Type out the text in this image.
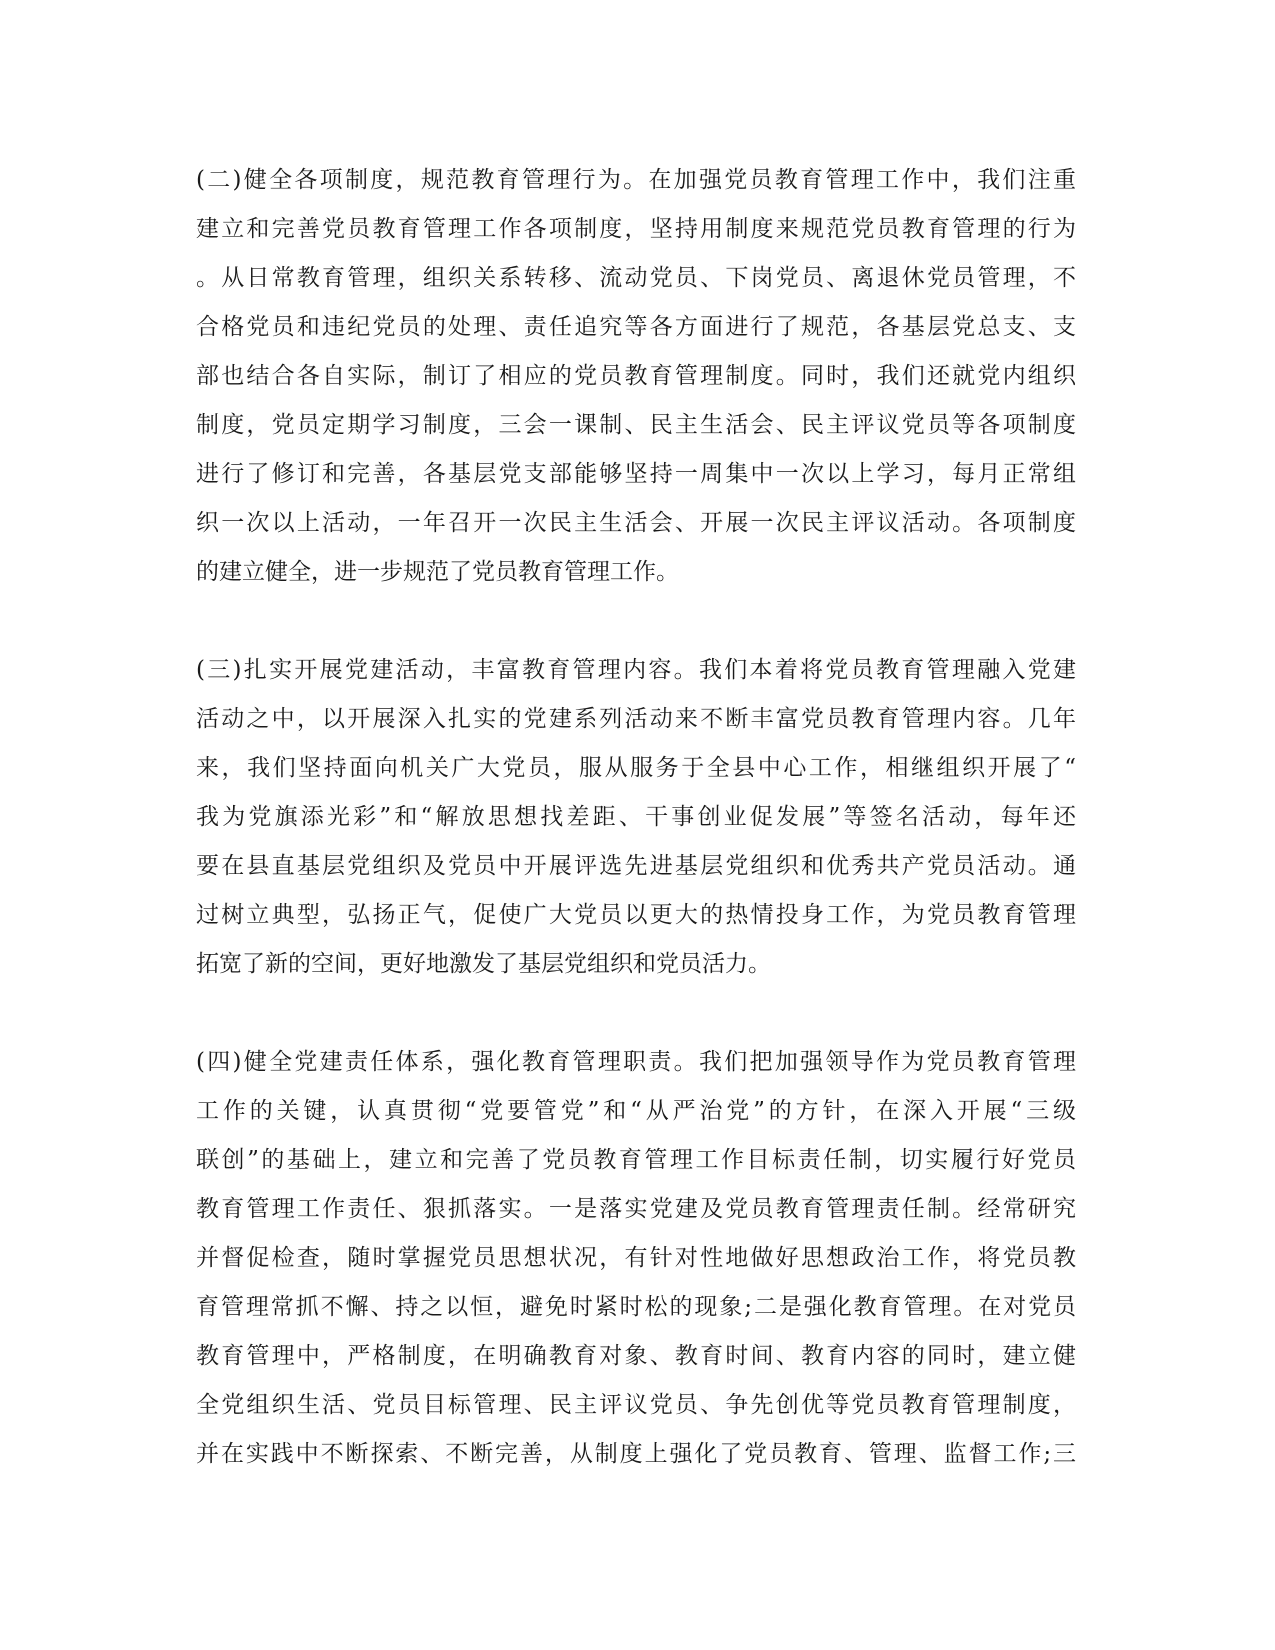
(二)健全各项制度，规范教育管理行为。在加强党员教育管理工作中，我们注重
建立和完善党员教育管理工作各项制度，坚持用制度来规范党员教育管理的行为
。从日常教育管理，组织关系转移、流动党员、下岗党员、离退休党员管理，不
合格党员和违纪党员的处理、责任追究等各方面进行了规范，各基层党总支、支
部也结合各自实际，制订了相应的党员教育管理制度。同时，我们还就党内组织
制度，党员定期学习制度，三会一课制、民主生活会、民主评议党员等各项制度
进行了修订和完善，各基层党支部能够坚持一周集中一次以上学习，每月正常组
织一次以上活动，一年召开一次民主生活会、开展一次民主评议活动。各项制度
的建立健全，进一步规范了党员教育管理工作。
(三)扎实开展党建活动，丰富教育管理内容。我们本着将党员教育管理融入党建
活动之中，以开展深入扎实的党建系列活动来不断丰富党员教育管理内容。几年
来，我们坚持面向机关广大党员，服从服务于全县中心工作，相继组织开展了“
我为党旗添光彩”和“解放思想找差距、干事创业促发展”等签名活动，每年还
要在县直基层党组织及党员中开展评选先进基层党组织和优秀共产党员活动。通
过树立典型，弘扬正气，促使广大党员以更大的热情投身工作，为党员教育管理
拓宽了新的空间，更好地激发了基层党组织和党员活力。
(四)健全党建责任体系，强化教育管理职责。我们把加强领导作为党员教育管理
工作的关键，认真贯彻“党要管党”和“从严治党”的方针，在深入开展“三级
联创”的基础上，建立和完善了党员教育管理工作目标责任制，切实履行好党员
教育管理工作责任、狠抓落实。一是落实党建及党员教育管理责任制。经常研究
并督促检查，随时掌握党员思想状况，有针对性地做好思想政治工作，将党员教
育管理常抓不懈、持之以恒，避免时紧时松的现象;二是强化教育管理。在对党员
教育管理中，严格制度，在明确教育对象、教育时间、教育内容的同时，建立健
全党组织生活、党员目标管理、民主评议党员、争先创优等党员教育管理制度，
并在实践中不断探索、不断完善，从制度上强化了党员教育、管理、监督工作;三
